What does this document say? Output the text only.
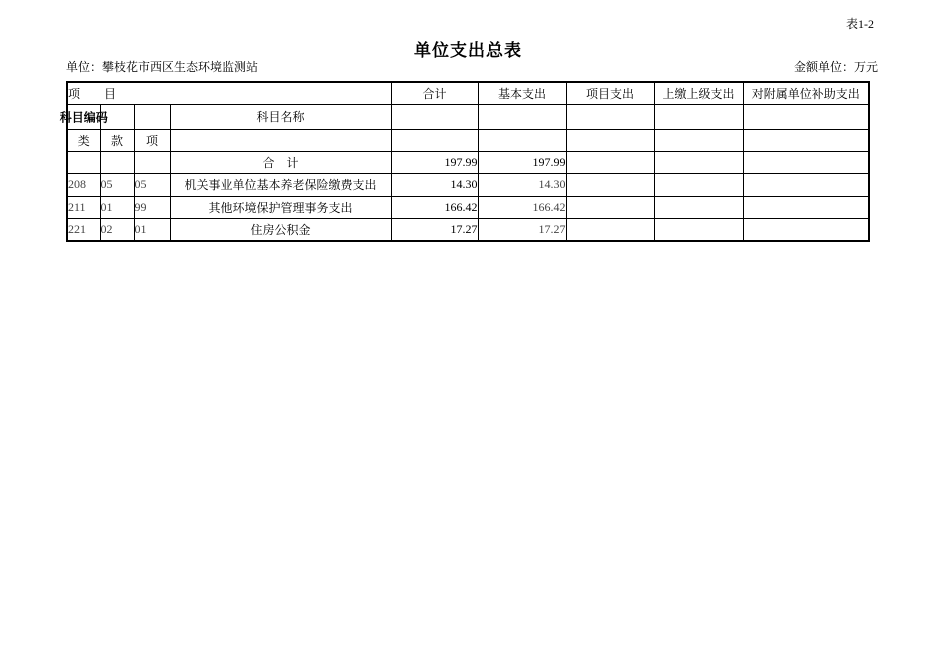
表1-2
单位支出总表
单位：攀枝花市西区生态环境监测站	金额单位：万元
项　　目				合计	基本支出	项目支出	上缴上级支出	对附属单位补助支出

科目编码			科目名称					
类	款	项						
			合　计	197.99	197.99			
208	05	05	机关事业单位基本养老保险缴费支出	14.30	14.30			
211	01	99	其他环境保护管理事务支出	166.42	166.42			
221	02	01	住房公积金	17.27	17.27			
